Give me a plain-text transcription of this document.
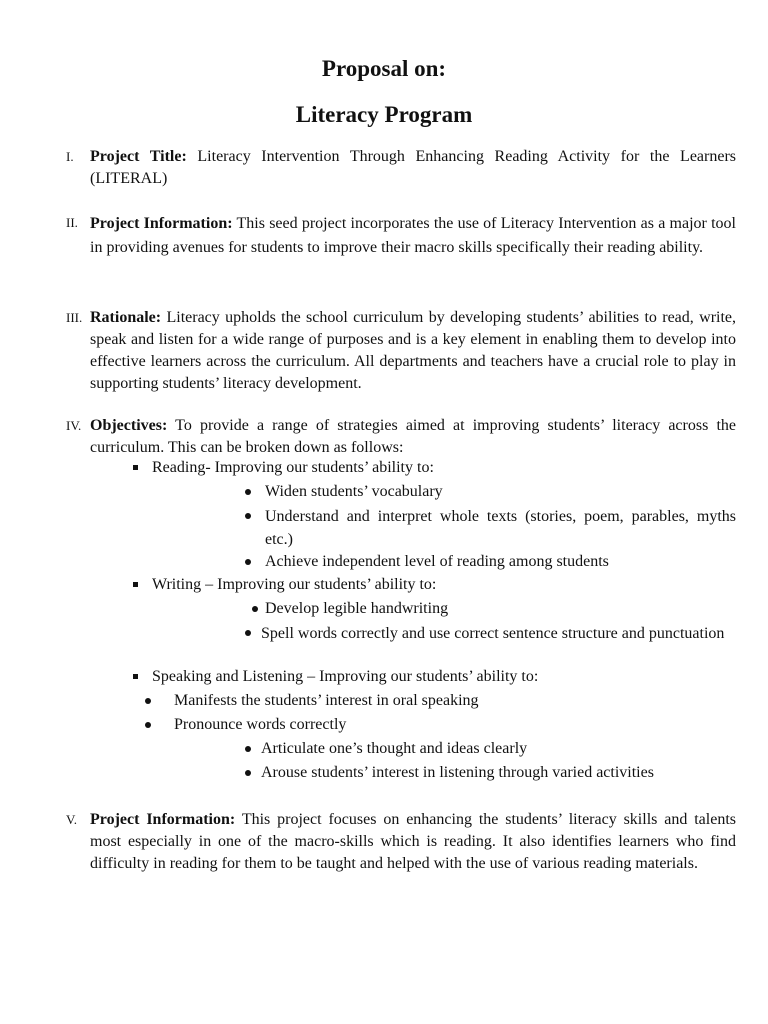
Proposal on:
Literacy Program
I. Project Title: Literacy Intervention Through Enhancing Reading Activity for the Learners (LITERAL)

II. Project Information: This seed project incorporates the use of Literacy Intervention as a major tool in providing avenues for students to improve their macro skills specifically their reading ability.

III. Rationale: Literacy upholds the school curriculum by developing students’ abilities to read, write, speak and listen for a wide range of purposes and is a key element in enabling them to develop into effective learners across the curriculum. All departments and teachers have a crucial role to play in supporting students’ literacy development.

IV. Objectives: To provide a range of strategies aimed at improving students’ literacy across the curriculum. This can be broken down as follows:

Reading- Improving our students’ ability to:
Widen students’ vocabulary
Understand and interpret whole texts (stories, poem, parables, myths etc.)
Achieve independent level of reading among students
Writing – Improving our students’ ability to:
Develop legible handwriting
Spell words correctly and use correct sentence structure and punctuation
Speaking and Listening – Improving our students’ ability to:
Manifests the students’ interest in oral speaking
Pronounce words correctly
Articulate one’s thought and ideas clearly
Arouse students’ interest in listening through varied activities
V. Project Information: This project focuses on enhancing the students’ literacy skills and talents most especially in one of the macro-skills which is reading. It also identifies learners who find difficulty in reading for them to be taught and helped with the use of various reading materials.
